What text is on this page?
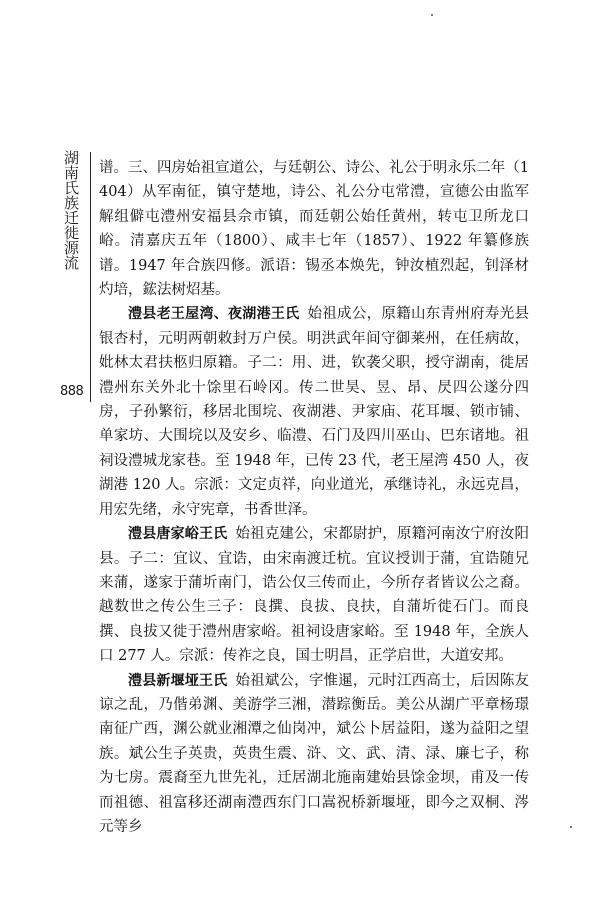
湖南氏族迁徙源流
888

谱。三、四房始祖宣道公，与廷朝公、诗公、礼公于明永乐二年（1404）从军南征，镇守楚地，诗公、礼公分屯常澧，宣德公由监军解组僻屯澧州安福县佘市镇，而廷朝公始任黄州，转屯卫所龙口峪。清嘉庆五年（1800）、咸丰七年（1857）、1922 年纂修族谱。1947 年合族四修。派语：锡丞本焕先，钟汝植烈起，钊泽材灼培，鋐法树炤基。

澧县老王屋湾、夜湖港王氏 始祖成公，原籍山东青州府寿光县银杏村，元明两朝敕封万户侯。明洪武年间守御莱州，在任病故，妣林太君扶柩归原籍。子二：用、进，钦袭父职，授守湖南，徙居澧州东关外北十馀里石岭冈。传二世昊、昱、昂、昃四公遂分四房，子孙繁衍，移居北围垸、夜湖港、尹家庙、花耳堰、锁市铺、单家坊、大围垸以及安乡、临澧、石门及四川巫山、巴东诸地。祖祠设澧城龙家巷。至 1948 年，已传 23 代，老王屋湾 450 人，夜湖港 120 人。宗派：文定贞祥，向业道光，承继诗礼，永远克昌，用宏先绪，永守宪章，书香世泽。

澧县唐家峪王氏 始祖克建公，宋都尉护，原籍河南汝宁府汝阳县。子二：宜议、宜诰，由宋南渡迁杭。宜议授训于蒲，宜诰随兄来蒲，遂家于蒲圻南门，诰公仅三传而止，今所存者皆议公之裔。越数世之传公生三子：良撰、良拔、良扶，自蒲圻徙石门。而良撰、良拔又徙于澧州唐家峪。祖祠设唐家峪。至 1948 年，全族人口 277 人。宗派：传祚之良，国士明昌，正学启世，大道安邦。

澧县新堰垭王氏 始祖斌公，字惟暹，元时江西高士，后因陈友谅之乱，乃偕弟渊、美游学三湘，潜踪衡岳。美公从湖广平章杨璟南征广西，渊公就业湘潭之仙岗冲，斌公卜居益阳，遂为益阳之望族。斌公生子英贵，英贵生震、浒、文、武、清、渌、廉七子，称为七房。震裔至九世先礼，迁居湖北施南建始县馀金坝，甫及一传而祖德、祖富移还湖南澧西东门口嵩祝桥新堰垭，即今之双桐、涔元等乡
